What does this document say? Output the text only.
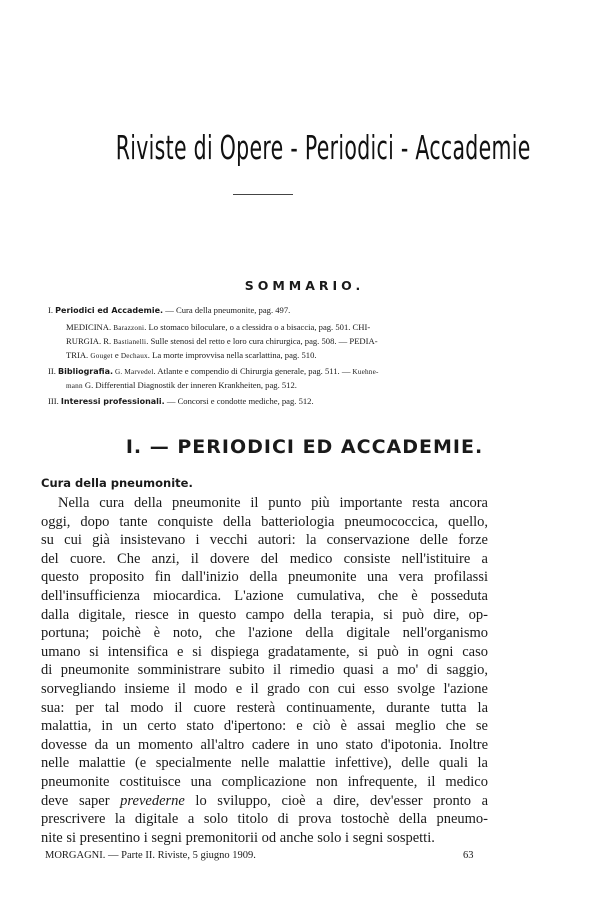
Riviste di Opere - Periodici - Accademie
SOMMARIO.
I. Periodici ed Accademie. — Cura della pneumonite, pag. 497.
MEDICINA. Barazzoni. Lo stomaco biloculare, o a clessidra o a bisaccia, pag. 501. CHI-
RURGIA. R. Bastianelli. Sulle stenosi del retto e loro cura chirurgica, pag. 508. — PEDIA-
TRIA. Gouget e Dechaux. La morte improvvisa nella scarlattina, pag. 510.
II. Bibliografia. G. Marvedel. Atlante e compendio di Chirurgia generale, pag. 511. — Kuehne-
mann G. Differential Diagnostik der inneren Krankheiten, pag. 512.
III. Interessi professionali. — Concorsi e condotte mediche, pag. 512.
I. — PERIODICI ED ACCADEMIE.
Cura della pneumonite.
Nella cura della pneumonite il punto più importante resta ancora
oggi, dopo tante conquiste della batteriologia pneumococcica, quello,
su cui già insistevano i vecchi autori: la conservazione delle forze
del cuore. Che anzi, il dovere del medico consiste nell'istituire a
questo proposito fin dall'inizio della pneumonite una vera profilassi
dell'insufficienza miocardica. L'azione cumulativa, che è posseduta
dalla digitale, riesce in questo campo della terapia, si può dire, op-
portuna; poichè è noto, che l'azione della digitale nell'organismo
umano si intensifica e si dispiega gradatamente, si può in ogni caso
di pneumonite somministrare subito il rimedio quasi a mo' di saggio,
sorvegliando insieme il modo e il grado con cui esso svolge l'azione
sua: per tal modo il cuore resterà continuamente, durante tutta la
malattia, in un certo stato d'ipertono: e ciò è assai meglio che se
dovesse da un momento all'altro cadere in uno stato d'ipotonia. Inoltre
nelle malattie (e specialmente nelle malattie infettive), delle quali la
pneumonite costituisce una complicazione non infrequente, il medico
deve saper prevederne lo sviluppo, cioè a dire, dev'esser pronto a
prescrivere la digitale a solo titolo di prova tostochè della pneumo-
nite si presentino i segni premonitorii od anche solo i segni sospetti.
MORGAGNI. — Parte II. Riviste, 5 giugno 1909.	63
